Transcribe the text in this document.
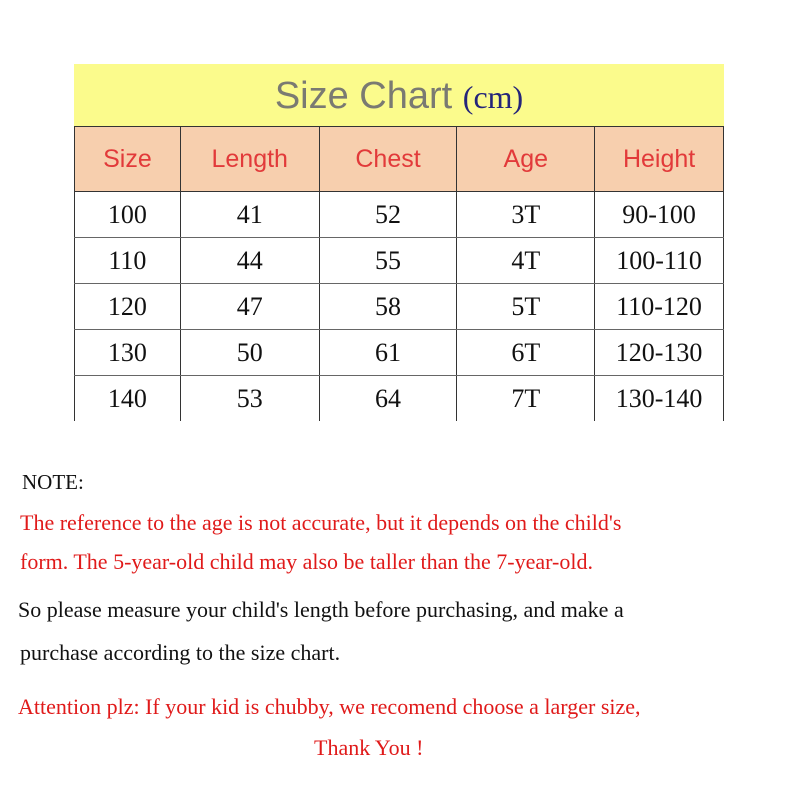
Size Chart (cm)
Size	Length	Chest	Age	Height
100	41	52	3T	90-100
110	44	55	4T	100-110
120	47	58	5T	110-120
130	50	61	6T	120-130
140	53	64	7T	130-140
NOTE:
The reference to the age is not accurate, but it depends on the child's
form. The 5-year-old child may also be taller than the 7-year-old.
So please measure your child's length before purchasing, and make a
purchase according to the size chart.
Attention plz: If your kid is chubby, we recomend choose a larger size,
Thank You !
